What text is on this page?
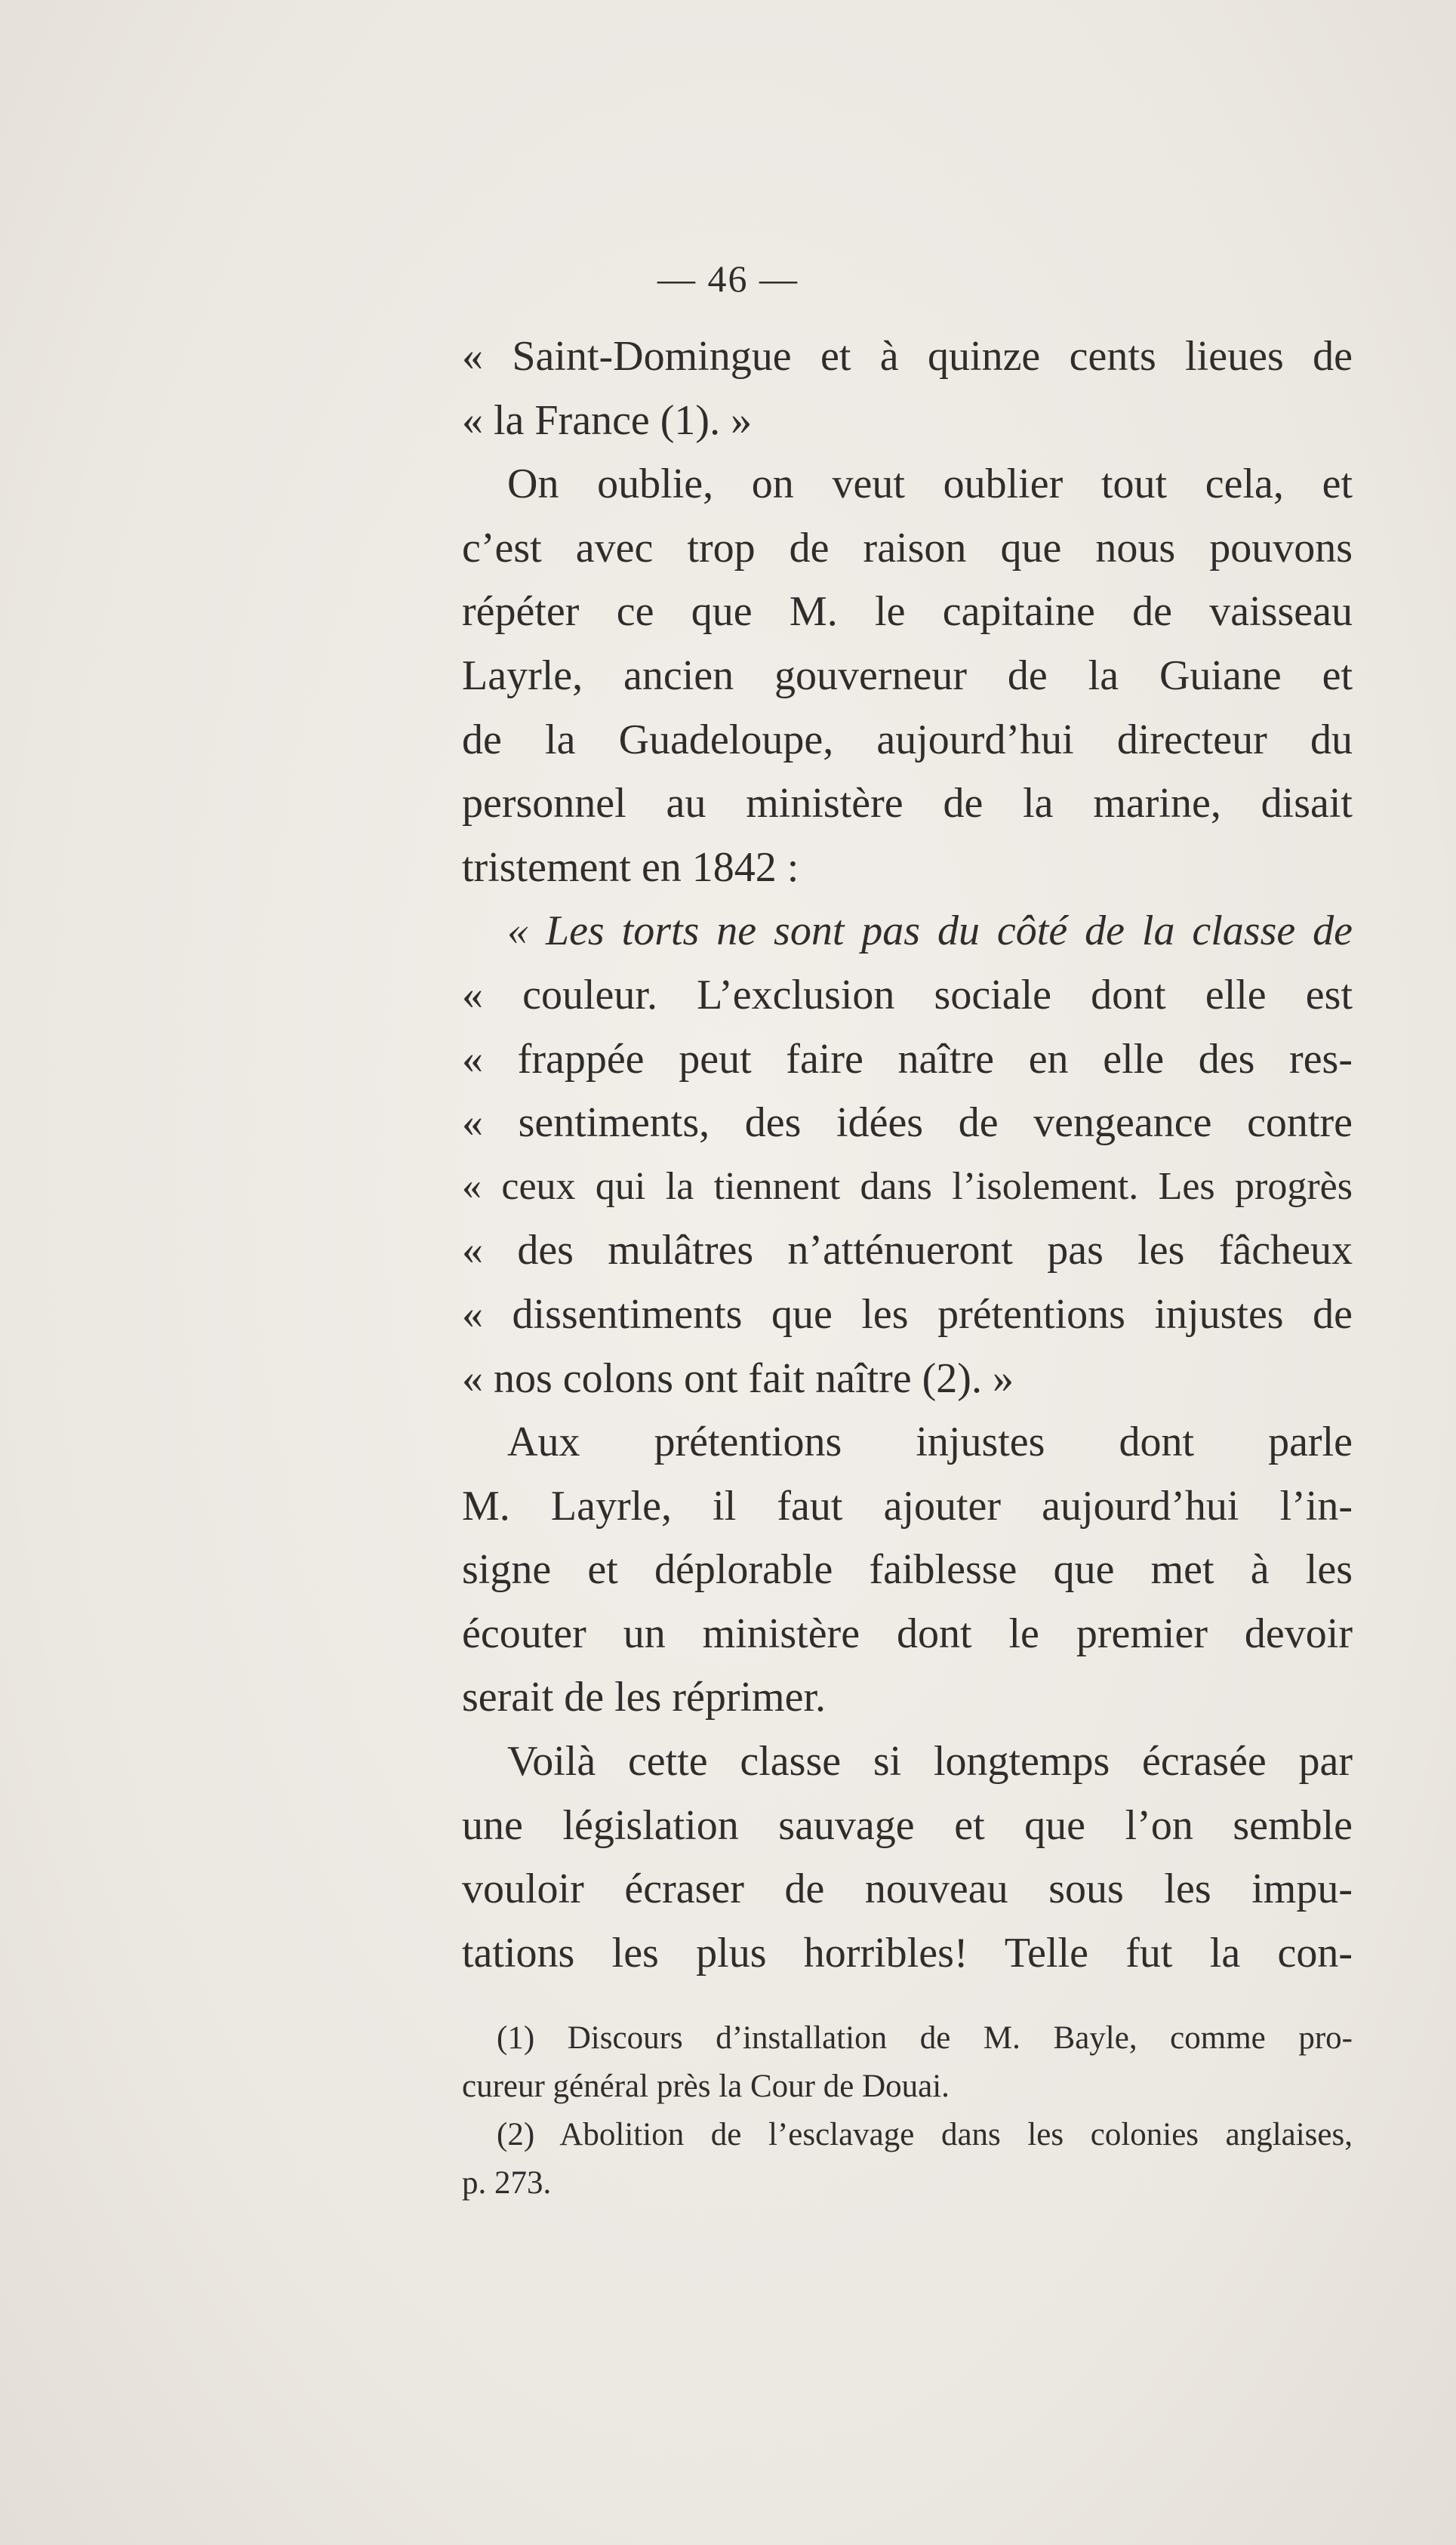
— 46 —
« Saint-Domingue et à quinze cents lieues de
« la France (1). »
On oublie, on veut oublier tout cela, et
c’est avec trop de raison que nous pouvons
répéter ce que M. le capitaine de vaisseau
Layrle, ancien gouverneur de la Guiane et
de la Guadeloupe, aujourd’hui directeur du
personnel au ministère de la marine, disait
tristement en 1842 :
« Les torts ne sont pas du côté de la classe de
« couleur. L’exclusion sociale dont elle est
« frappée peut faire naître en elle des res-
« sentiments, des idées de vengeance contre
« ceux qui la tiennent dans l’isolement. Les progrès
« des mulâtres n’atténueront pas les fâcheux
« dissentiments que les prétentions injustes de
« nos colons ont fait naître (2). »
Aux prétentions injustes dont parle
M. Layrle, il faut ajouter aujourd’hui l’in-
signe et déplorable faiblesse que met à les
écouter un ministère dont le premier devoir
serait de les réprimer.
Voilà cette classe si longtemps écrasée par
une législation sauvage et que l’on semble
vouloir écraser de nouveau sous les impu-
tations les plus horribles! Telle fut la con-
(1) Discours d’installation de M. Bayle, comme pro-
cureur général près la Cour de Douai.
(2) Abolition de l’esclavage dans les colonies anglaises,
p. 273.
